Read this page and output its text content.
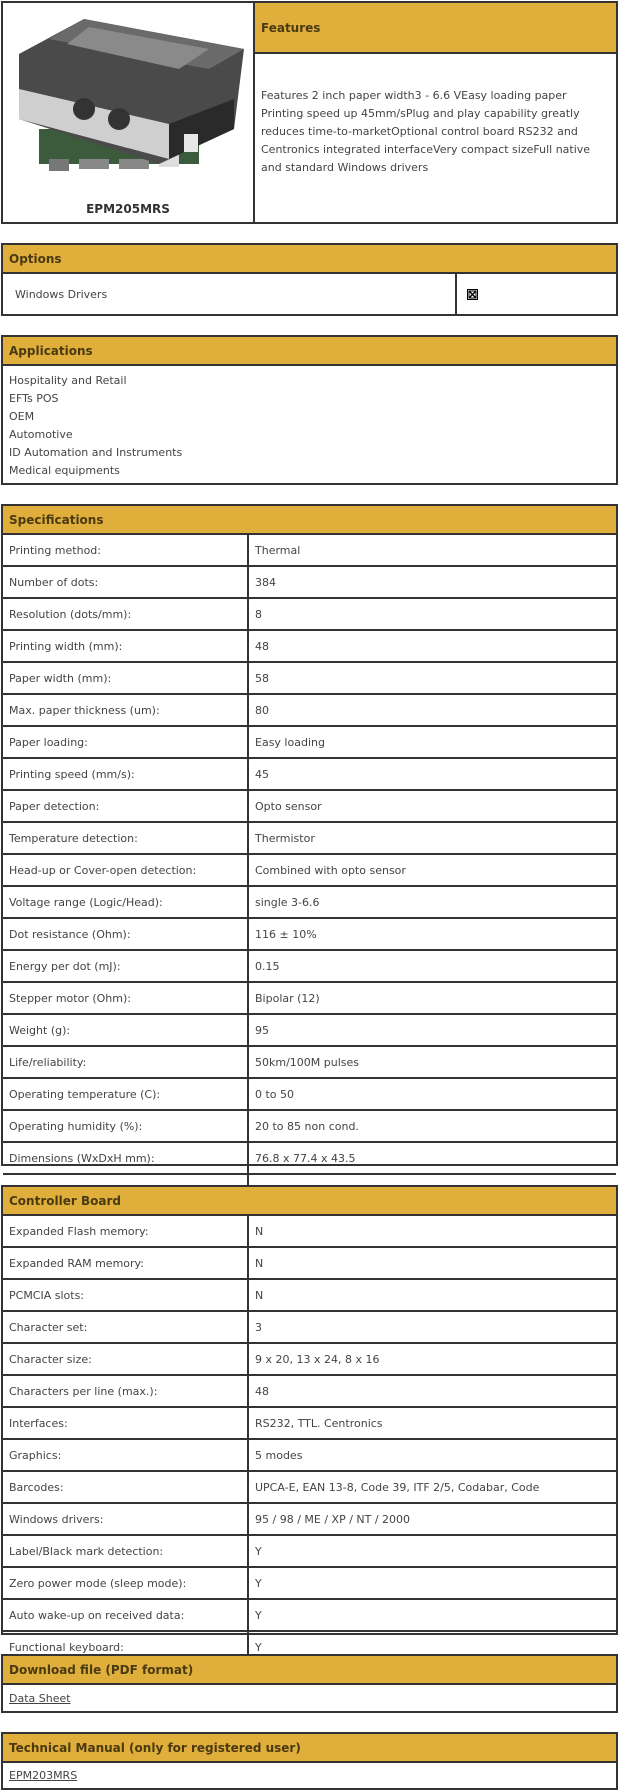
EPM205MRS
Features
Features 2 inch paper width3 - 6.6 VEasy loading paper Printing speed up 45mm/sPlug and play capability greatly reduces time-to-marketOptional control board RS232 and Centronics integrated interfaceVery compact sizeFull native and standard Windows drivers
Options
Windows Drivers
Applications
Hospitality and Retail
EFTs POS
OEM
Automotive
ID Automation and Instruments
Medical equipments
Specifications
Printing method:	Thermal
Number of dots:	384
Resolution (dots/mm):	8
Printing width (mm):	48
Paper width (mm):	58
Max. paper thickness (um):	80
Paper loading:	Easy loading
Printing speed (mm/s):	45
Paper detection:	Opto sensor
Temperature detection:	Thermistor
Head-up or Cover-open detection:	Combined with opto sensor
Voltage range (Logic/Head):	single 3-6.6
Dot resistance (Ohm):	116 ± 10%
Energy per dot (mJ):	0.15
Stepper motor (Ohm):	Bipolar (12)
Weight (g):	95
Life/reliability:	50km/100M pulses
Operating temperature (C):	0 to 50
Operating humidity (%):	20 to 85 non cond.
Dimensions (WxDxH mm):	76.8 x 77.4 x 43.5
Controller Board
Expanded Flash memory:	N
Expanded RAM memory:	N
PCMCIA slots:	N
Character set:	3
Character size:	9 x 20, 13 x 24, 8 x 16
Characters per line (max.):	48
Interfaces:	RS232, TTL. Centronics
Graphics:	5 modes
Barcodes:	UPCA-E, EAN 13-8, Code 39, ITF 2/5, Codabar, Code
Windows drivers:	95 / 98 / ME / XP / NT / 2000
Label/Black mark detection:	Y
Zero power mode (sleep mode):	Y
Auto wake-up on received data:	Y
Functional keyboard:	Y
Download file (PDF format)
Data Sheet
Technical Manual (only for registered user)
EPM203MRS
